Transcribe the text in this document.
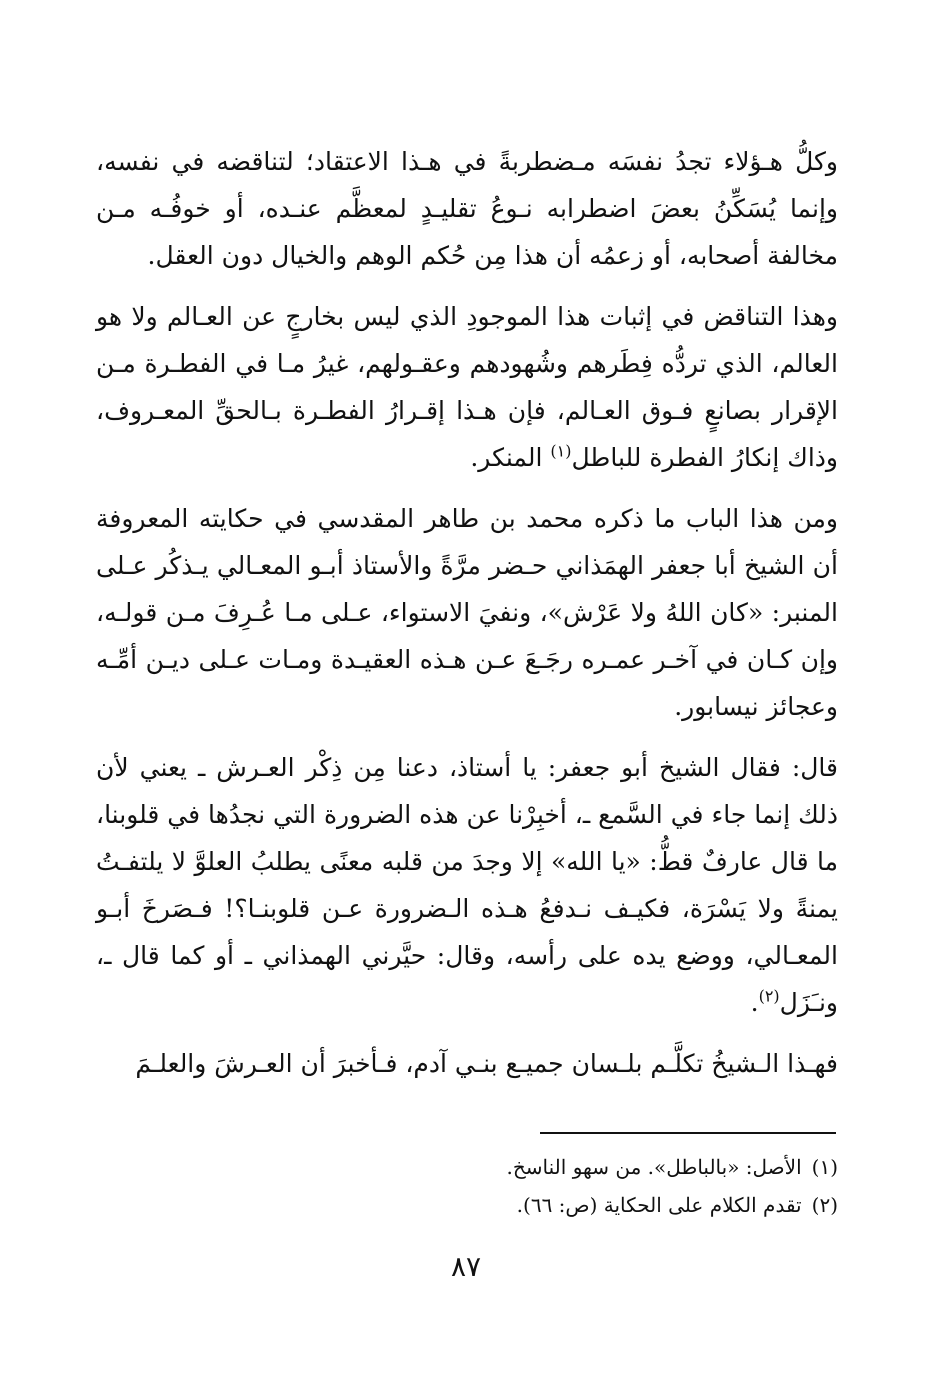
وكلُّ هـؤلاء تجدُ نفسَه مـضطربةً في هـذا الاعتقاد؛ لتناقضه في نفسه، وإنما يُسَكِّنُ بعضَ اضطرابه نـوعُ تقليـدٍ لمعظَّم عنـده، أو خوفُـه مـن مخالفة أصحابه، أو زعمُه أن هذا مِن حُكم الوهم والخيال دون العقل.

وهذا التناقض في إثبات هذا الموجودِ الذي ليس بخارجٍ عن العـالم ولا هو العالم، الذي تردُّه فِطَرهم وشُهودهم وعقـولهم، غيرُ مـا في الفطـرة مـن الإقرار بصانعٍ فـوق العـالم، فإن هـذا إقـرارُ الفطـرة بـالحقِّ المعـروف، وذاك إنكارُ الفطرة للباطل$^{(١)}$ المنكر.

ومن هذا الباب ما ذكره محمد بن طاهر المقدسي في حكايته المعروفة أن الشيخ أبا جعفر الهمَذاني حـضر مرَّةً والأستاذ أبـو المعـالي يـذكُر عـلى المنبر: «كان اللهُ ولا عَرْش»، ونفيَ الاستواء، عـلى مـا عُـرِفَ مـن قولـه، وإن كـان في آخـر عمـره رجَـعَ عـن هـذه العقيـدة ومـات عـلى ديـن أمِّـه وعجائز نيسابور.

قال: فقال الشيخ أبو جعفر: يا أستاذ، دعنا مِن ذِكْر العـرش ـ يعني لأن ذلك إنما جاء في السَّمع ـ، أخبِرْنا عن هذه الضرورة التي نجدُها في قلوبنا، ما قال عارفٌ قطُّ: «يا الله» إلا وجدَ من قلبه معنًى يطلبُ العلوَّ لا يلتفـتُ يمنةً ولا يَسْرَة، فكيـف نـدفعُ هـذه الـضرورة عـن قلوبنـا؟! فـصَرخَ أبـو المعـالي، ووضع يده على رأسه، وقال: حيَّرني الهمذاني ـ أو كما قال ـ، ونـَزَل$^{(٢)}$.

فهـذا الـشيخُ تكلَّـم بلـسان جميـع بنـي آدم، فـأخبرَ أن العـرشَ والعلـمَ

(١)الأصل: «بالباطل». من سهو الناسخ.

(٢)تقدم الكلام على الحكاية (ص: ٦٦).

٨٧
